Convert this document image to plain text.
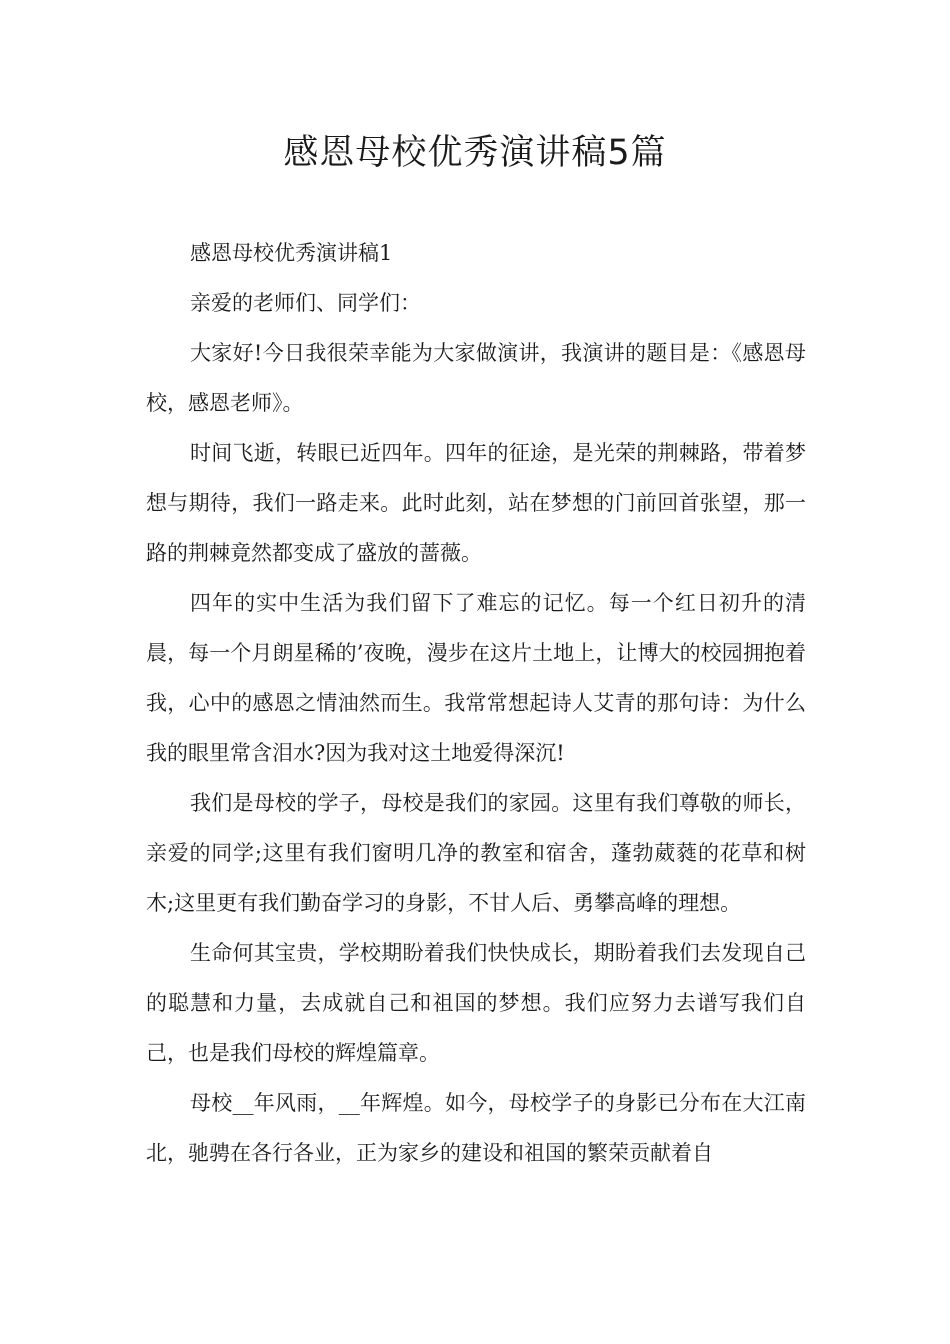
感恩母校优秀演讲稿5篇

感恩母校优秀演讲稿1

亲爱的老师们、同学们：

大家好!今日我很荣幸能为大家做演讲，我演讲的题目是：《感恩母校，感恩老师》。

时间飞逝，转眼已近四年。四年的征途，是光荣的荆棘路，带着梦想与期待，我们一路走来。此时此刻，站在梦想的门前回首张望，那一路的荆棘竟然都变成了盛放的蔷薇。

四年的实中生活为我们留下了难忘的记忆。每一个红日初升的清晨，每一个月朗星稀的’夜晚，漫步在这片土地上，让博大的校园拥抱着我，心中的感恩之情油然而生。我常常想起诗人艾青的那句诗：为什么我的眼里常含泪水?因为我对这土地爱得深沉!

我们是母校的学子，母校是我们的家园。这里有我们尊敬的师长，亲爱的同学;这里有我们窗明几净的教室和宿舍，蓬勃葳蕤的花草和树木;这里更有我们勤奋学习的身影，不甘人后、勇攀高峰的理想。

生命何其宝贵，学校期盼着我们快快成长，期盼着我们去发现自己的聪慧和力量，去成就自己和祖国的梦想。我们应努力去谱写我们自己，也是我们母校的辉煌篇章。

母校__年风雨，__年辉煌。如今，母校学子的身影已分布在大江南北，驰骋在各行各业，正为家乡的建设和祖国的繁荣贡献着自
